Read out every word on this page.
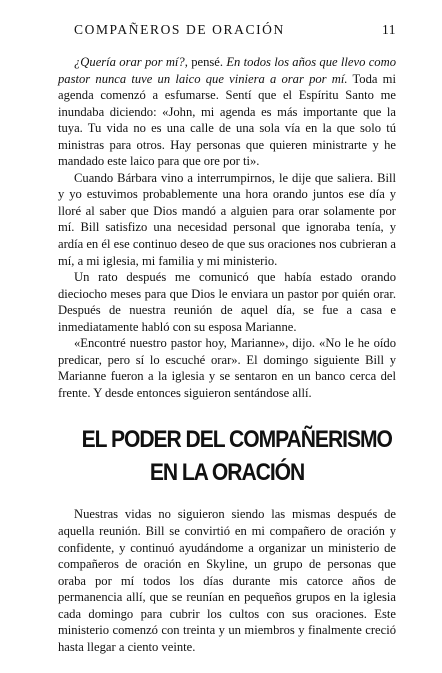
COMPAÑEROS DE ORACIÓN	11

¿Quería orar por mí?, pensé. En todos los años que llevo como pastor nunca tuve un laico que viniera a orar por mí. Toda mi agenda comenzó a esfumarse. Sentí que el Espíritu Santo me inundaba diciendo: «John, mi agenda es más importante que la tuya. Tu vida no es una calle de una sola vía en la que solo tú ministras para otros. Hay personas que quieren ministrarte y he mandado este laico para que ore por ti».

Cuando Bárbara vino a interrumpirnos, le dije que saliera. Bill y yo estuvimos probablemente una hora orando juntos ese día y lloré al saber que Dios mandó a alguien para orar solamente por mí. Bill satisfizo una necesidad personal que ignoraba tenía, y ardía en él ese continuo deseo de que sus oraciones nos cubrieran a mí, a mi iglesia, mi familia y mi ministerio.

Un rato después me comunicó que había estado orando dieciocho meses para que Dios le enviara un pastor por quién orar. Después de nuestra reunión de aquel día, se fue a casa e inmediatamente habló con su esposa Marianne.

«Encontré nuestro pastor hoy, Marianne», dijo. «No le he oído predicar, pero sí lo escuché orar». El domingo siguiente Bill y Marianne fueron a la iglesia y se sentaron en un banco cerca del frente. Y desde entonces siguieron sentándose allí.

EL PODER DEL COMPAÑERISMO
EN LA ORACIÓN

Nuestras vidas no siguieron siendo las mismas después de aquella reunión. Bill se convirtió en mi compañero de oración y confidente, y continuó ayudándome a organizar un ministerio de compañeros de oración en Skyline, un grupo de personas que oraba por mí todos los días durante mis catorce años de permanencia allí, que se reunían en pequeños grupos en la iglesia cada domingo para cubrir los cultos con sus oraciones. Este ministerio comenzó con treinta y un miembros y finalmente creció hasta llegar a ciento veinte.
